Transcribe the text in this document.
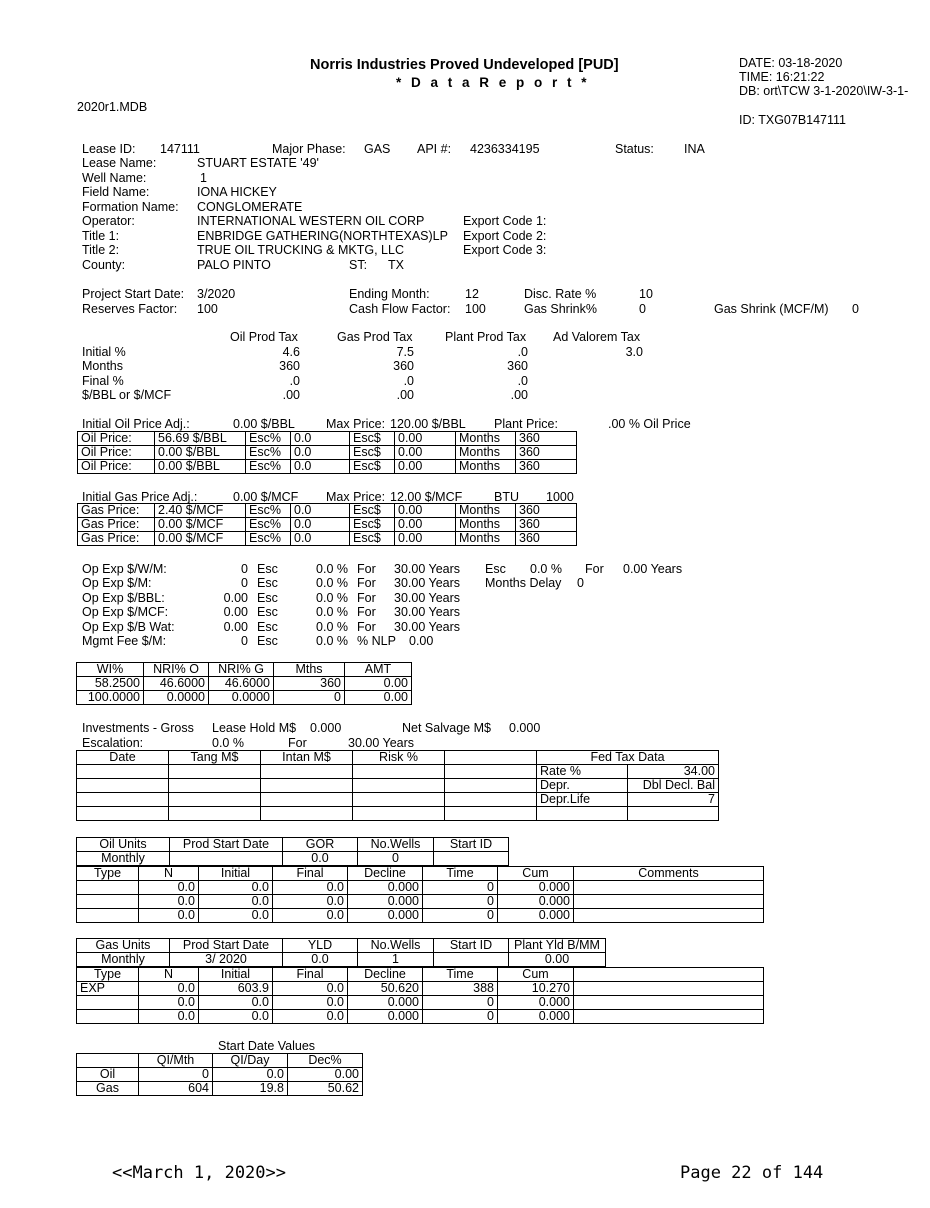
Norris Industries Proved Undeveloped [PUD]
* D a t a R e p o r t *
DATE: 03-18-2020
TIME: 16:21:22
DB: ort\TCW 3-1-2020\IW-3-1-
2020r1.MDB
ID: TXG07B147111
Lease ID: 147111	Major Phase: GAS API #: 4236334195	Status: INA
Lease Name:	STUART ESTATE '49'
Well Name:	1
Field Name:	IONA HICKEY
Formation Name: CONGLOMERATE
Operator:	INTERNATIONAL WESTERN OIL CORP	Export Code 1:
Title 1:	ENBRIDGE GATHERING(NORTHTEXAS)LP Export Code 2:
Title 2:	TRUE OIL TRUCKING & MKTG, LLC	Export Code 3:
County:	PALO PINTO	ST: TX
Project Start Date: 3/2020	Ending Month:	12	Disc. Rate %	10
Reserves Factor: 100	Cash Flow Factor: 100	Gas Shrink%	0	Gas Shrink (MCF/M) 0
Oil Prod Tax	Gas Prod Tax	Plant Prod Tax Ad Valorem Tax
Initial %	4.6	7.5	.0	3.0
Months	360	360	360
Final %	.0	.0	.0
$/BBL or $/MCF	.00	.00	.00
Initial Oil Price Adj.:	0.00 $/BBL Max Price: 120.00 $/BBL Plant Price:	.00 % Oil Price
Oil Price:	56.69 $/BBL	Esc%	0.0	Esc$	0.00	Months	360
Oil Price:	0.00 $/BBL	Esc%	0.0	Esc$	0.00	Months	360
Oil Price:	0.00 $/BBL	Esc%	0.0	Esc$	0.00	Months	360
Initial Gas Price Adj.:	0.00 $/MCF Max Price: 12.00 $/MCF	BTU 1000
Gas Price:	2.40 $/MCF	Esc%	0.0	Esc$	0.00	Months	360
Gas Price:	0.00 $/MCF	Esc%	0.0	Esc$	0.00	Months	360
Gas Price:	0.00 $/MCF	Esc%	0.0	Esc$	0.00	Months	360
Op Exp $/W/M:	0 Esc	0.0 % For 30.00 Years
Op Exp $/M:	0 Esc	0.0 % For 30.00 Years
Op Exp $/BBL:	0.00 Esc	0.0 % For 30.00 Years
Op Exp $/MCF:	0.00 Esc	0.0 % For 30.00 Years
Op Exp $/B Wat:	0.00 Esc	0.0 % For 30.00 Years
Mgmt Fee $/M:	0 Esc	0.0 % % NLP 0.00
Esc 0.0 % For 0.00 Years
Months Delay 0
WI%	NRI% O	NRI% G	Mths	AMT
58.2500	46.6000	46.6000	360	0.00
100.0000	0.0000	0.0000	0	0.00
Investments - Gross Lease Hold M$ 0.000	Net Salvage M$ 0.000
Escalation:	0.0 %	For	30.00 Years
Date	Tang M$	Intan M$	Risk %		Fed Tax Data	
					Rate %	34.00
					Depr.	Dbl Decl. Bal
					Depr.Life	7

Oil Units	Prod Start Date	GOR	No.Wells	Start ID
Monthly		0.0	0	
Type	N	Initial	Final	Decline	Time	Cum	Comments
	0.0	0.0	0.0	0.000	0	0.000	
	0.0	0.0	0.0	0.000	0	0.000	
	0.0	0.0	0.0	0.000	0	0.000	
Gas Units	Prod Start Date	YLD	No.Wells	Start ID	Plant Yld B/MM
Monthly	3/ 2020	0.0	1		0.00
Type	N	Initial	Final	Decline	Time	Cum	
EXP	0.0	603.9	0.0	50.620	388	10.270	
	0.0	0.0	0.0	0.000	0	0.000	
	0.0	0.0	0.0	0.000	0	0.000	
Start Date Values
	QI/Mth	QI/Day	Dec%
Oil	0	0.0	0.00
Gas	604	19.8	50.62
<<March 1, 2020>>	Page 22 of 144
